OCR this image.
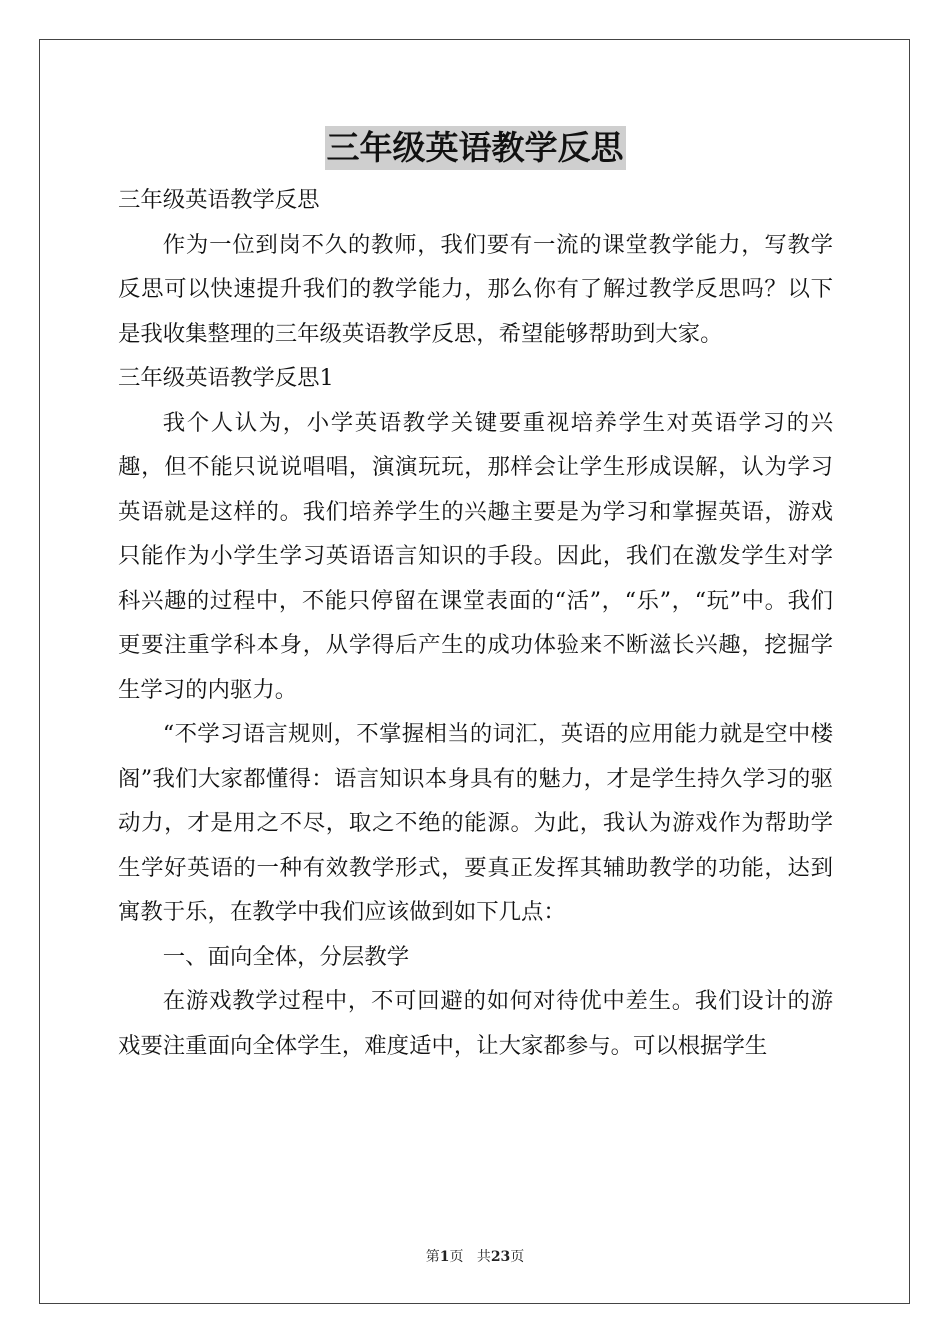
三年级英语教学反思

三年级英语教学反思

作为一位到岗不久的教师，我们要有一流的课堂教学能力，写教学反思可以快速提升我们的教学能力，那么你有了解过教学反思吗？以下是我收集整理的三年级英语教学反思，希望能够帮助到大家。

三年级英语教学反思1

我个人认为，小学英语教学关键要重视培养学生对英语学习的兴趣，但不能只说说唱唱，演演玩玩，那样会让学生形成误解，认为学习英语就是这样的。我们培养学生的兴趣主要是为学习和掌握英语，游戏只能作为小学生学习英语语言知识的手段。因此，我们在激发学生对学科兴趣的过程中，不能只停留在课堂表面的“活”，“乐”，“玩”中。我们更要注重学科本身，从学得后产生的成功体验来不断滋长兴趣，挖掘学生学习的内驱力。

“不学习语言规则，不掌握相当的词汇，英语的应用能力就是空中楼阁”我们大家都懂得：语言知识本身具有的魅力，才是学生持久学习的驱动力，才是用之不尽，取之不绝的能源。为此，我认为游戏作为帮助学生学好英语的一种有效教学形式，要真正发挥其辅助教学的功能，达到寓教于乐，在教学中我们应该做到如下几点：

一、面向全体，分层教学

在游戏教学过程中，不可回避的如何对待优中差生。我们设计的游戏要注重面向全体学生，难度适中，让大家都参与。可以根据学生

第1页 共23页
